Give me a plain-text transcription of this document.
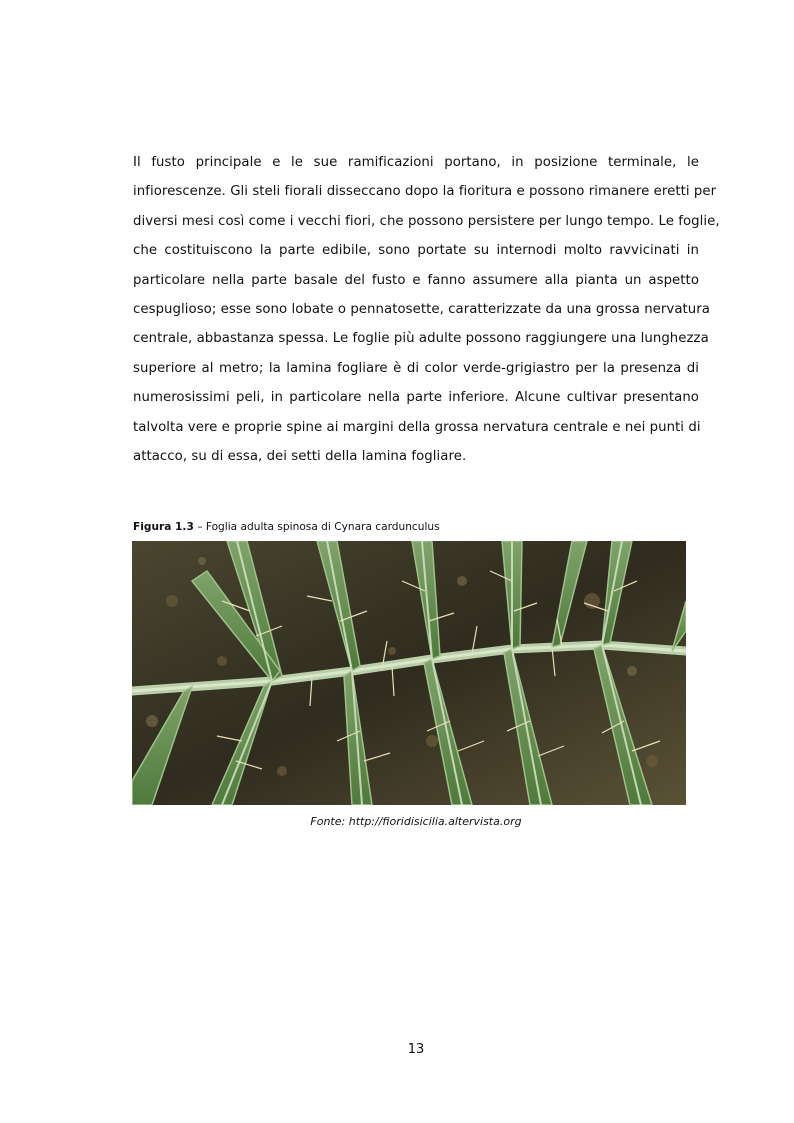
Il fusto principale e le sue ramificazioni portano, in posizione terminale, le
infiorescenze. Gli steli fiorali disseccano dopo la fioritura e possono rimanere eretti per
diversi mesi così come i vecchi fiori, che possono persistere per lungo tempo. Le foglie,
che costituiscono la parte edibile, sono portate su internodi molto ravvicinati in
particolare nella parte basale del fusto e fanno assumere alla pianta un aspetto
cespuglioso; esse sono lobate o pennatosette, caratterizzate da una grossa nervatura
centrale, abbastanza spessa. Le foglie più adulte possono raggiungere una lunghezza
superiore al metro; la lamina fogliare è di color verde-grigiastro per la presenza di
numerosissimi peli, in particolare nella parte inferiore. Alcune cultivar presentano
talvolta vere e proprie spine ai margini della grossa nervatura centrale e nei punti di
attacco, su di essa, dei setti della lamina fogliare.
Figura 1.3 – Foglia adulta spinosa di Cynara cardunculus
Fonte: http://fioridisicilia.altervista.org
13
